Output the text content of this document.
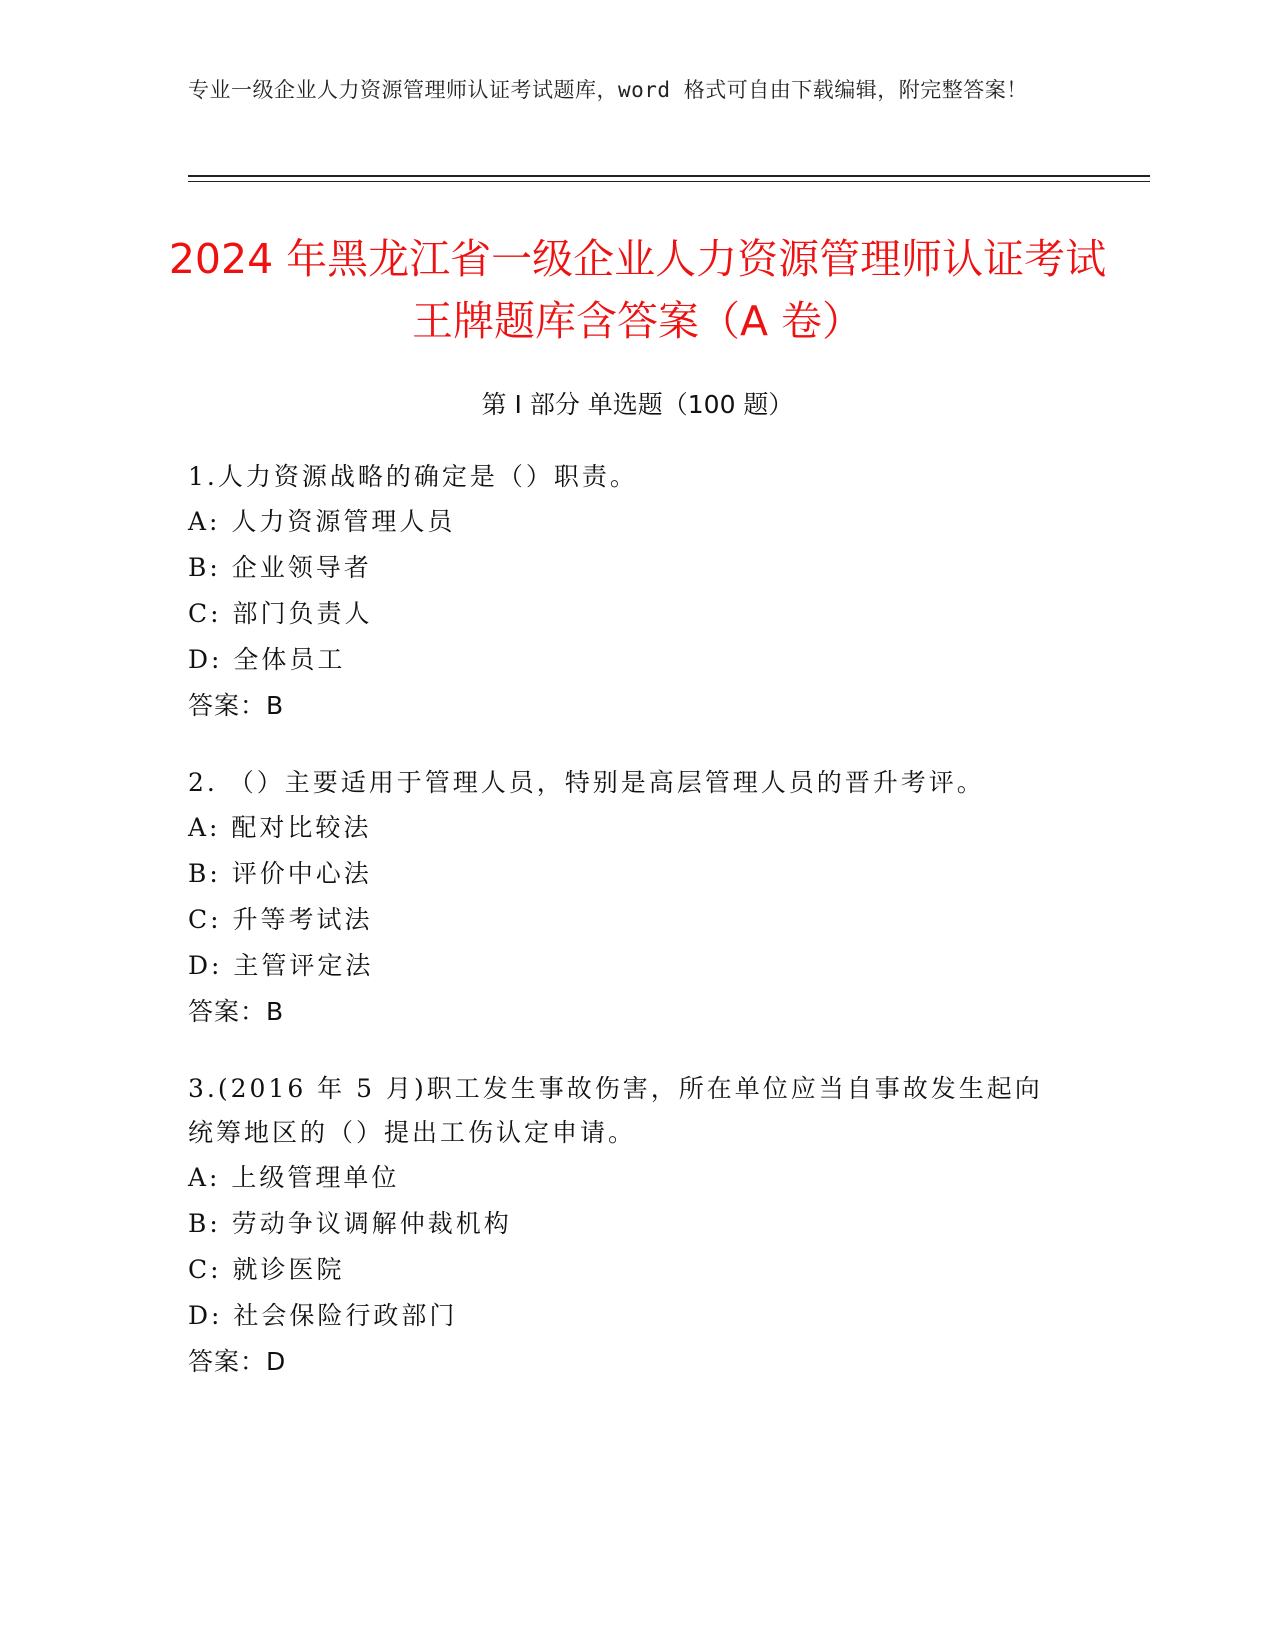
专业一级企业人力资源管理师认证考试题库，word 格式可自由下载编辑，附完整答案！
2024 年黑龙江省一级企业人力资源管理师认证考试王牌题库含答案（A 卷）
第 I 部分 单选题（100 题）
1.人力资源战略的确定是（）职责。
A: 人力资源管理人员
B: 企业领导者
C: 部门负责人
D: 全体员工
答案：B
2. （）主要适用于管理人员，特别是高层管理人员的晋升考评。
A: 配对比较法
B: 评价中心法
C: 升等考试法
D: 主管评定法
答案：B
3.(2016 年 5 月)职工发生事故伤害，所在单位应当自事故发生起向统筹地区的（）提出工伤认定申请。
A: 上级管理单位
B: 劳动争议调解仲裁机构
C: 就诊医院
D: 社会保险行政部门
答案：D
